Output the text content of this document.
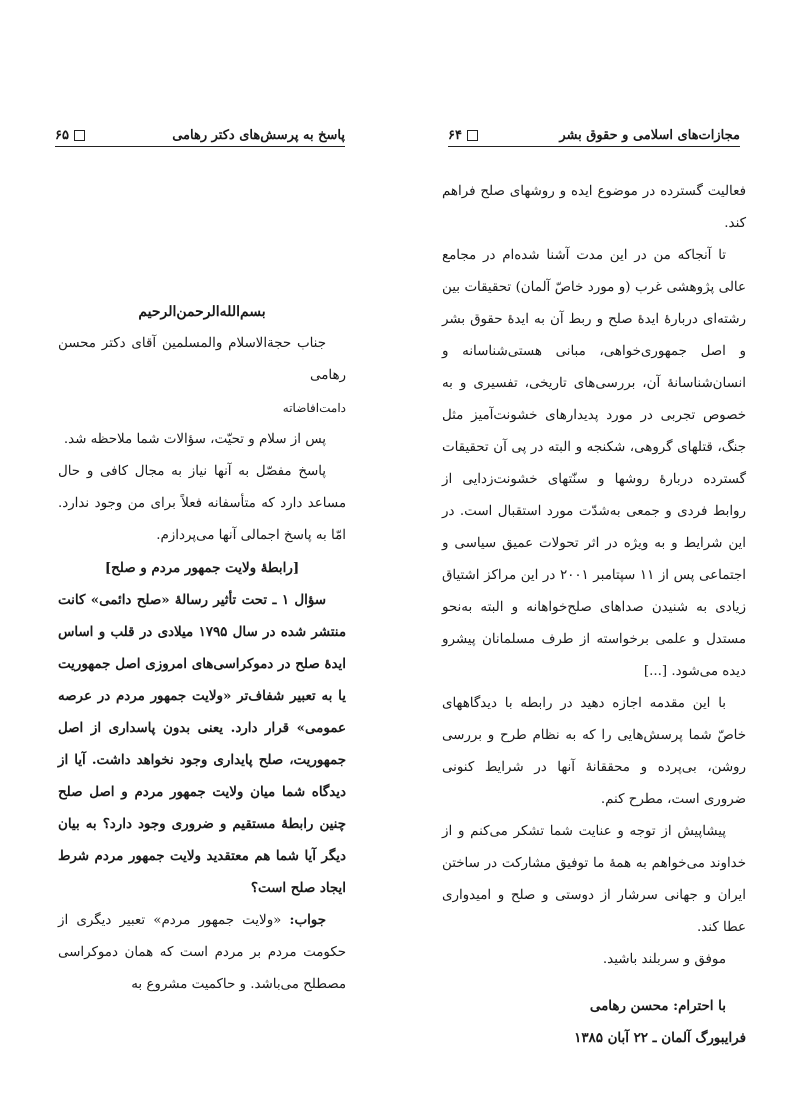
پاسخ به پرسش‌های دکتر رهامی
۶۵

بسم‌الله‌الرحمن‌الرحیم

جناب حجةالاسلام والمسلمین آقای دکتر محسن رهامی

دامت‌افاضاته

پس از سلام و تحیّت، سؤالات شما ملاحظه شد.

پاسخ مفصّل به آنها نیاز به مجال کافی و حال مساعد دارد که متأسفانه فعلاً برای من وجود ندارد. امّا به پاسخ اجمالی آنها می‌پردازم.

[رابطهٔ ولایت جمهور مردم و صلح]

سؤال ۱ ـ تحت تأثیر رسالهٔ «صلح دائمی» کانت منتشر شده در سال ۱۷۹۵ میلادی در قلب و اساس ایدهٔ صلح در دموکراسی‌های امروزی اصل جمهوریت یا به تعبیر شفاف‌تر «ولایت جمهور مردم در عرصه عمومی» قرار دارد. یعنی بدون پاسداری از اصل جمهوریت، صلح پایداری وجود نخواهد داشت. آیا از دیدگاه شما میان ولایت جمهور مردم و اصل صلح چنین رابطهٔ مستقیم و ضروری وجود دارد؟ به بیان دیگر آیا شما هم معتقدید ولایت جمهور مردم شرط ایجاد صلح است؟

جواب: «ولایت جمهور مردم» تعبیر دیگری از حکومت مردم بر مردم است که همان دموکراسی مصطلح می‌باشد. و حاکمیت مشروع به

مجازات‌های اسلامی و حقوق بشر
۶۴

فعالیت گسترده در موضوع ایده و روشهای صلح فراهم کند.

تا آنجاکه من در این مدت آشنا شده‌ام در مجامع عالی پژوهشی غرب (و مورد خاصّ آلمان) تحقیقات بین رشته‌ای دربارهٔ ایدهٔ صلح و ربط آن به ایدهٔ حقوق بشر و اصل جمهوری‌خواهی، مبانی هستی‌شناسانه و انسان‌شناسانهٔ آن، بررسی‌های تاریخی، تفسیری و به خصوص تجربی در مورد پدیدارهای خشونت‌آمیز مثل جنگ، قتلهای گروهی، شکنجه و البته در پی آن تحقیقات گسترده دربارهٔ روشها و سنّتهای خشونت‌زدایی از روابط فردی و جمعی به‌شدّت مورد استقبال است. در این شرایط و به ویژه در اثر تحولات عمیق سیاسی و اجتماعی پس از ۱۱ سپتامبر ۲۰۰۱ در این مراکز اشتیاق زیادی به شنیدن صداهای صلح‌خواهانه و البته به‌نحو مستدل و علمی برخواسته از طرف مسلمانان پیشرو دیده می‌شود. [...]

با این مقدمه اجازه دهید در رابطه با دیدگاههای خاصّ شما پرسش‌هایی را که به نظام طرح و بررسی روشن، بی‌پرده و محققانهٔ آنها در شرایط کنونی ضروری است، مطرح کنم.

پیشاپیش از توجه و عنایت شما تشکر می‌کنم و از خداوند می‌خواهم به همهٔ ما توفیق مشارکت در ساختن ایران و جهانی سرشار از دوستی و صلح و امیدواری عطا کند.

موفق و سربلند باشید.

با احترام: محسن رهامی

فرایبورگ آلمان ـ ۲۲ آبان ۱۳۸۵
